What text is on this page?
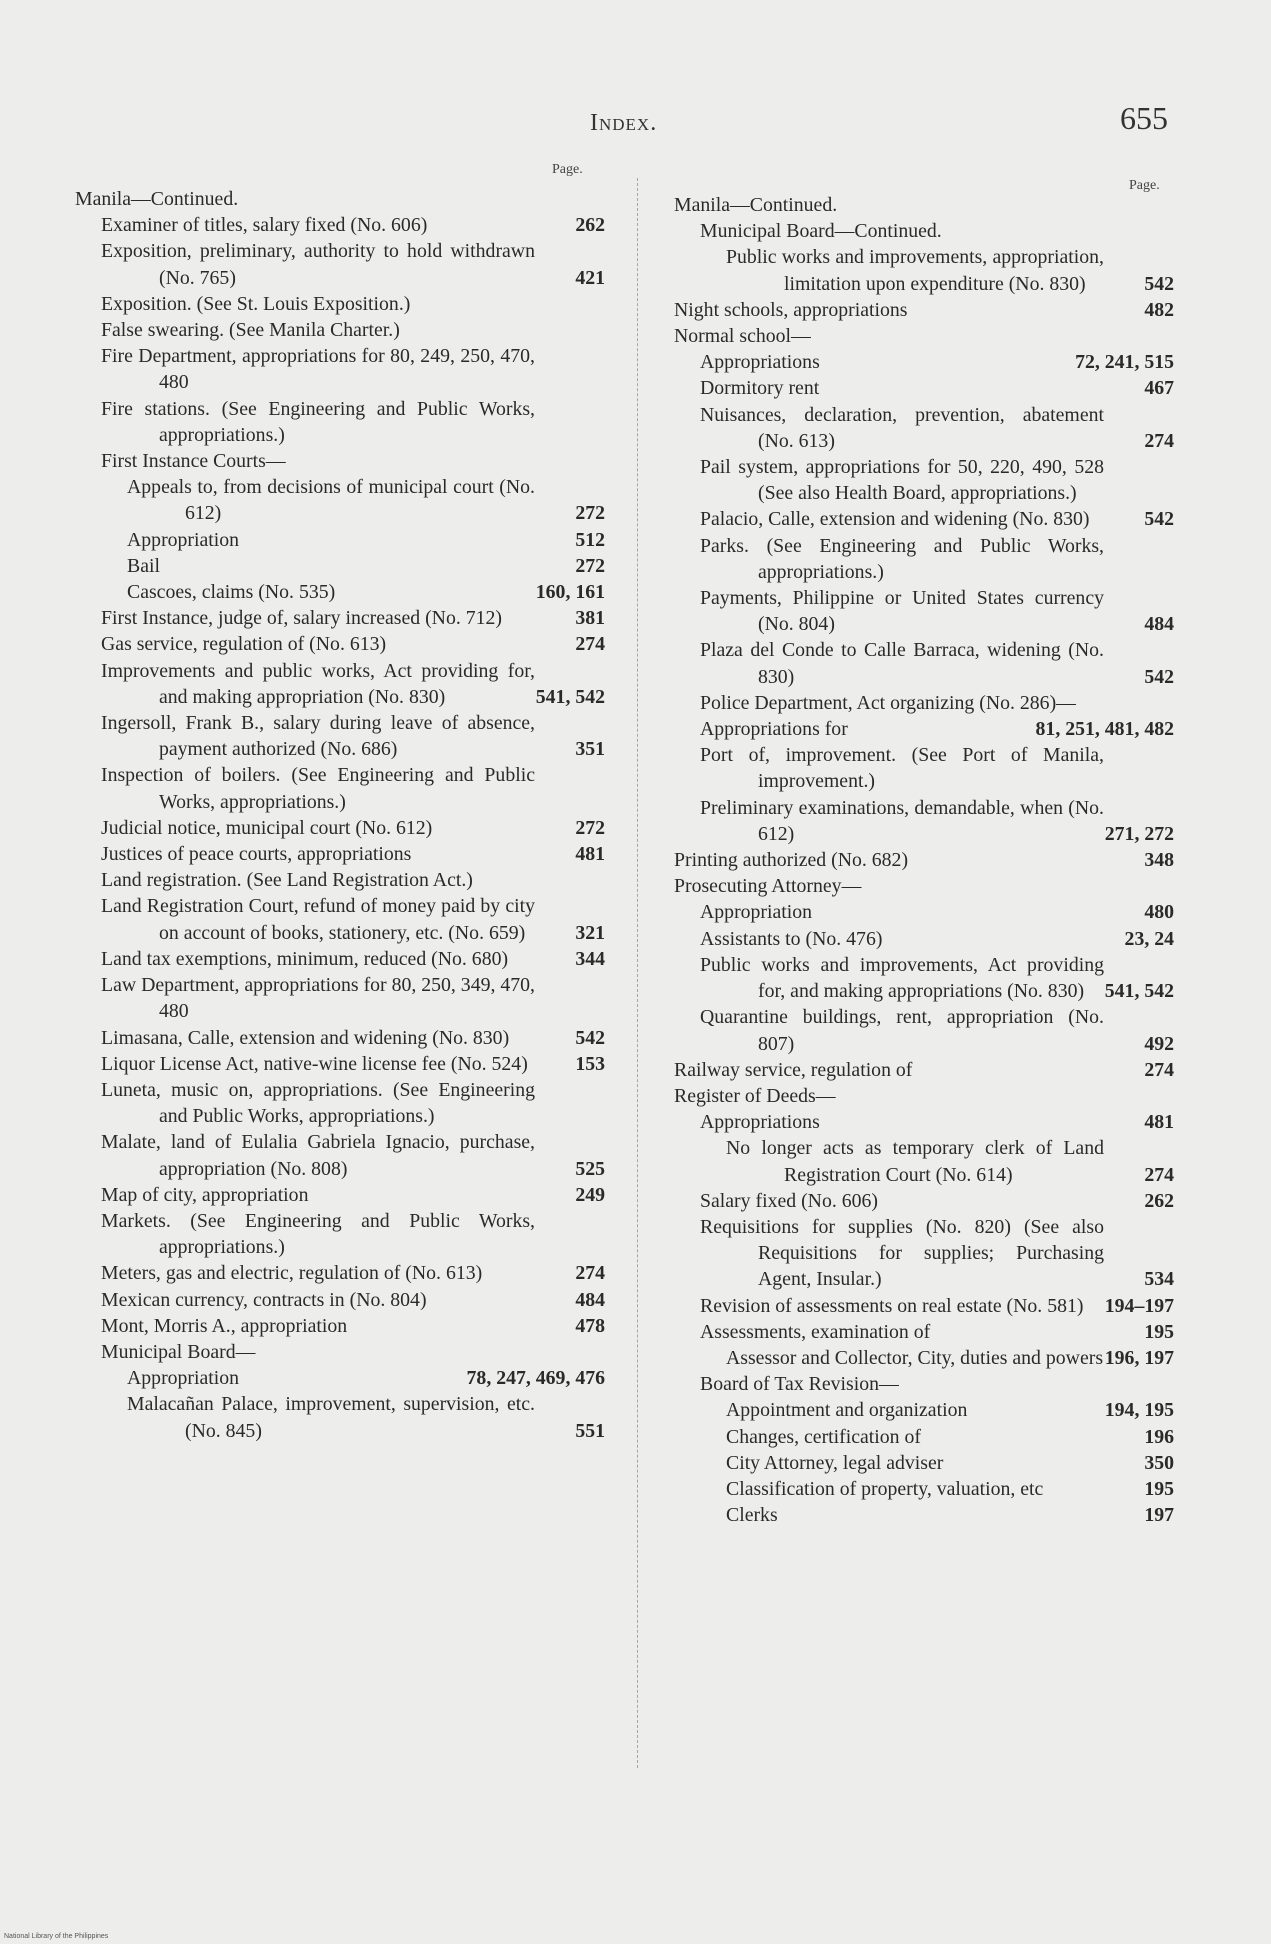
Index.	655
Page.
Manila—Continued.
Examiner of titles, salary fixed (No. 606)	262
Exposition, preliminary, authority to hold withdrawn (No. 765)	421
Exposition. (See St. Louis Exposition.)
False swearing. (See Manila Charter.)
Fire Department, appropriations for 80, 249, 250, 470, 480
Fire stations. (See Engineering and Public Works, appropriations.)
First Instance Courts—
Appeals to, from decisions of municipal court (No. 612)	272
Appropriation	512
Bail	272
Cascoes, claims (No. 535)	160, 161
First Instance, judge of, salary increased (No. 712)	381
Gas service, regulation of (No. 613)	274
Improvements and public works, Act providing for, and making appropriation (No. 830)	541, 542
Ingersoll, Frank B., salary during leave of absence, payment authorized (No. 686)	351
Inspection of boilers. (See Engineering and Public Works, appropriations.)
Judicial notice, municipal court (No. 612)	272
Justices of peace courts, appropriations	481
Land registration. (See Land Registration Act.)
Land Registration Court, refund of money paid by city on account of books, stationery, etc. (No. 659)	321
Land tax exemptions, minimum, reduced (No. 680)	344
Law Department, appropriations for 80, 250, 349, 470, 480
Limasana, Calle, extension and widening (No. 830)	542
Liquor License Act, native-wine license fee (No. 524) 153
Luneta, music on, appropriations. (See Engineering and Public Works, appropriations.)
Malate, land of Eulalia Gabriela Ignacio, purchase, appropriation (No. 808)	525
Map of city, appropriation	249
Markets. (See Engineering and Public Works, appropriations.)
Meters, gas and electric, regulation of (No. 613)	274
Mexican currency, contracts in (No. 804)	484
Mont, Morris A., appropriation	478
Municipal Board—
Appropriation	78, 247, 469, 476
Malacañan Palace, improvement, supervision, etc. (No. 845)	551
Page.
Manila—Continued.
Municipal Board—Continued.
Public works and improvements, appropriation, limitation upon expenditure (No. 830)	542
Night schools, appropriations	482
Normal school—
Appropriations	72, 241, 515
Dormitory rent	467
Nuisances, declaration, prevention, abatement (No. 613)	274
Pail system, appropriations for 50, 220, 490, 528 (See also Health Board, appropriations.)
Palacio, Calle, extension and widening (No. 830)	542
Parks. (See Engineering and Public Works, appropriations.)
Payments, Philippine or United States currency (No. 804)	484
Plaza del Conde to Calle Barraca, widening (No. 830)	542
Police Department, Act organizing (No. 286)—
Appropriations for	81, 251, 481, 482
Port of, improvement. (See Port of Manila, improvement.)
Preliminary examinations, demandable, when (No. 612)	271, 272
Printing authorized (No. 682)	348
Prosecuting Attorney—
Appropriation	480
Assistants to (No. 476)	23, 24
Public works and improvements, Act providing for, and making appropriations (No. 830) 541, 542
Quarantine buildings, rent, appropriation (No. 807)	492
Railway service, regulation of	274
Register of Deeds—
Appropriations	481
No longer acts as temporary clerk of Land Registration Court (No. 614)	274
Salary fixed (No. 606)	262
Requisitions for supplies (No. 820) (See also Requisitions for supplies; Purchasing Agent, Insular.)	534
Revision of assessments on real estate (No. 581) 194–197
Assessments, examination of	195
Assessor and Collector, City, duties and powers 196, 197
Board of Tax Revision—
Appointment and organization	194, 195
Changes, certification of	196
City Attorney, legal adviser	350
Classification of property, valuation, etc	195
Clerks	197
National Library of the Philippines
